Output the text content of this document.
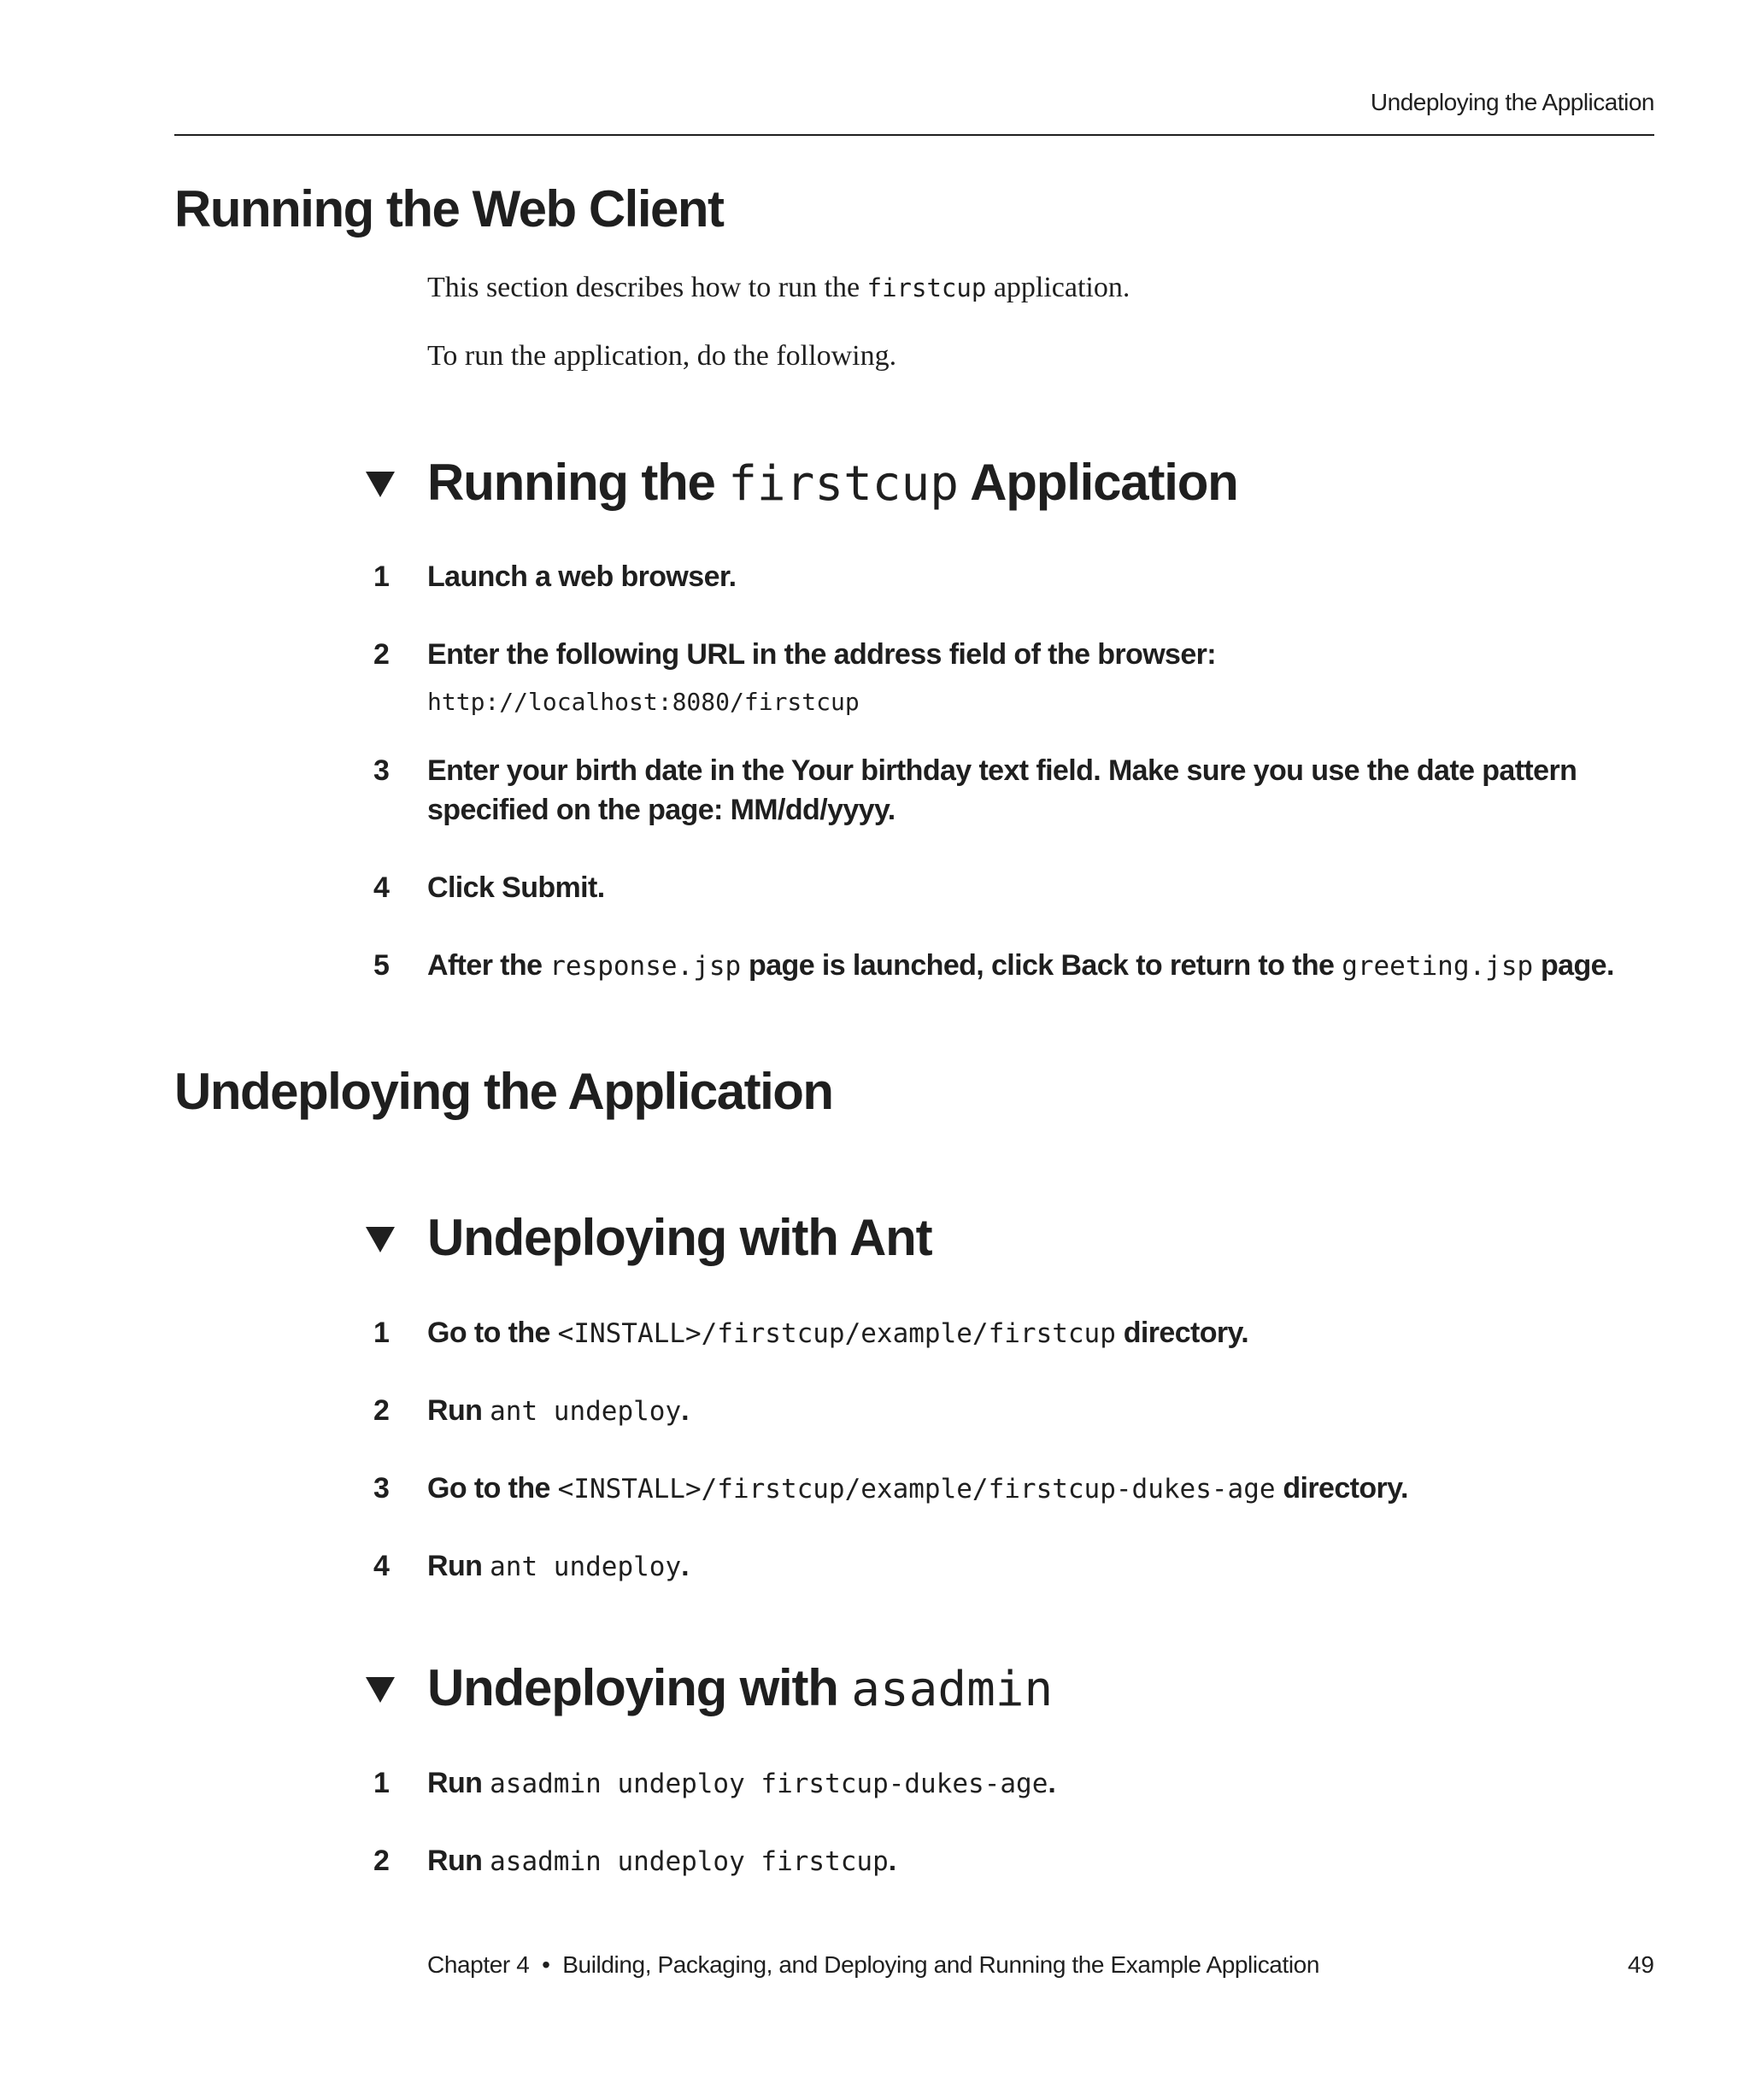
Undeploying the Application
Running the Web Client

This section describes how to run the firstcup application.

To run the application, do the following.

Running the firstcup Application
1	Launch a web browser.
2	Enter the following URL in the address field of the browser:
http://localhost:8080/firstcup
3	Enter your birth date in the Your birthday text field. Make sure you use the date pattern specified on the page: MM/dd/yyyy.
4	Click Submit.
5	After the response.jsp page is launched, click Back to return to the greeting.jsp page.
Undeploying the Application
Undeploying with Ant
1	Go to the <INSTALL>/firstcup/example/firstcup directory.
2	Run ant undeploy.
3	Go to the <INSTALL>/firstcup/example/firstcup-dukes-age directory.
4	Run ant undeploy.
Undeploying with asadmin
1	Run asadmin undeploy firstcup-dukes-age.
2	Run asadmin undeploy firstcup.
Chapter 4  •  Building, Packaging, and Deploying and Running the Example Application	49
